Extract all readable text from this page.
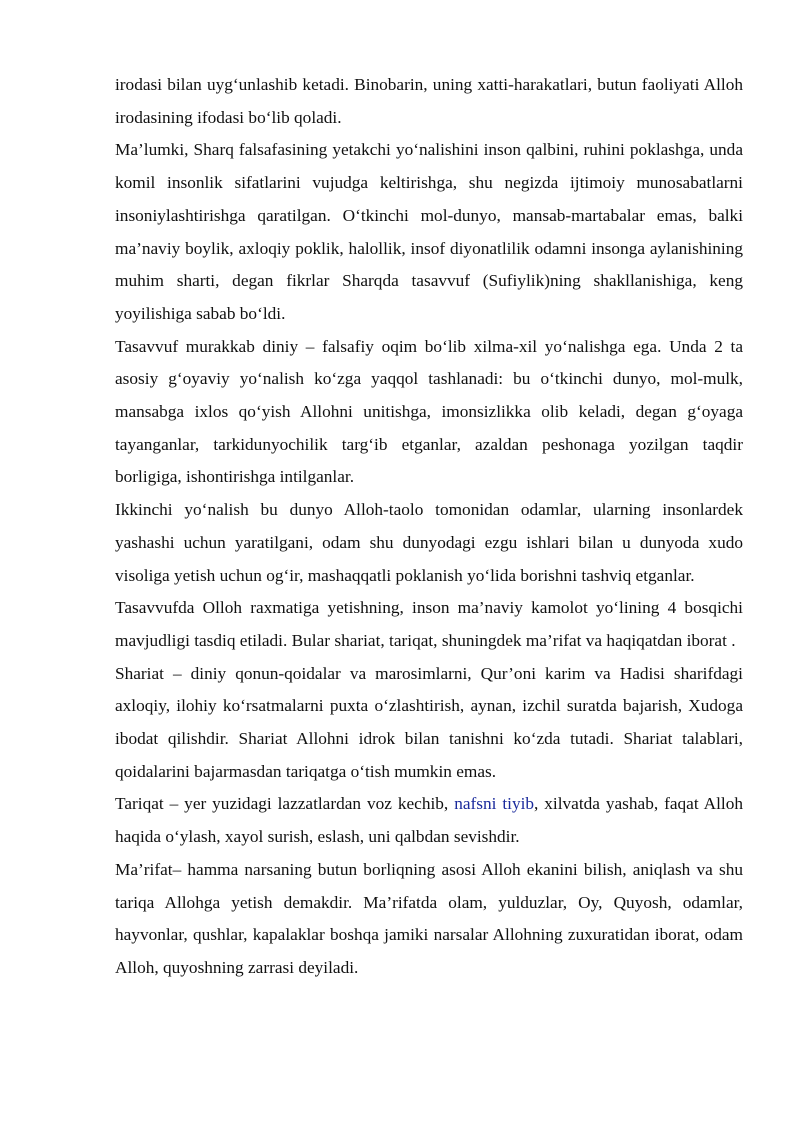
irodasi bilan uyg‘unlashib ketadi. Binobarin, uning xatti-harakatlari, butun faoliyati Alloh irodasining ifodasi bo‘lib qoladi.

Ma’lumki, Sharq falsafasining yetakchi yo‘nalishini inson qalbini, ruhini poklashga, unda komil insonlik sifatlarini vujudga keltirishga, shu negizda ijtimoiy munosabatlarni insoniylashtirishga qaratilgan. O‘tkinchi mol-dunyo, mansab-martabalar emas, balki ma’naviy boylik, axloqiy poklik, halollik, insof diyonatlilik odamni insonga aylanishining muhim sharti, degan fikrlar Sharqda tasavvuf (Sufiylik)ning shakllanishiga, keng yoyilishiga sabab bo‘ldi.

Tasavvuf murakkab diniy – falsafiy oqim bo‘lib xilma-xil yo‘nalishga ega. Unda 2 ta asosiy g‘oyaviy yo‘nalish ko‘zga yaqqol tashlanadi: bu o‘tkinchi dunyo, mol-mulk, mansabga ixlos qo‘yish Allohni unitishga, imonsizlikka olib keladi, degan g‘oyaga tayanganlar, tarkidunyochilik targ‘ib etganlar, azaldan peshonaga yozilgan taqdir borligiga, ishontirishga intilganlar.

Ikkinchi yo‘nalish bu dunyo Alloh-taolo tomonidan odamlar, ularning insonlardek yashashi uchun yaratilgani, odam shu dunyodagi ezgu ishlari bilan u dunyoda xudo visoliga yetish uchun og‘ir, mashaqqatli poklanish yo‘lida borishni tashviq etganlar.

Tasavvufda Olloh raxmatiga yetishning, inson ma’naviy kamolot yo‘lining 4 bosqichi mavjudligi tasdiq etiladi. Bular shariat, tariqat, shuningdek ma’rifat va haqiqatdan iborat .

Shariat – diniy qonun-qoidalar va marosimlarni, Qur’oni karim va Hadisi sharifdagi axloqiy, ilohiy ko‘rsatmalarni puxta o‘zlashtirish, aynan, izchil suratda bajarish, Xudoga ibodat qilishdir. Shariat Allohni idrok bilan tanishni ko‘zda tutadi. Shariat talablari, qoidalarini bajarmasdan tariqatga o‘tish mumkin emas.

Tariqat – yer yuzidagi lazzatlardan voz kechib, nafsni tiyib, xilvatda yashab, faqat Alloh haqida o‘ylash, xayol surish, eslash, uni qalbdan sevishdir.

Ma’rifat– hamma narsaning butun borliqning asosi Alloh ekanini bilish, aniqlash va shu tariqa Allohga yetish demakdir. Ma’rifatda olam, yulduzlar, Oy, Quyosh, odamlar, hayvonlar, qushlar, kapalaklar boshqa jamiki narsalar Allohning zuxuratidan iborat, odam Alloh, quyoshning zarrasi deyiladi.
